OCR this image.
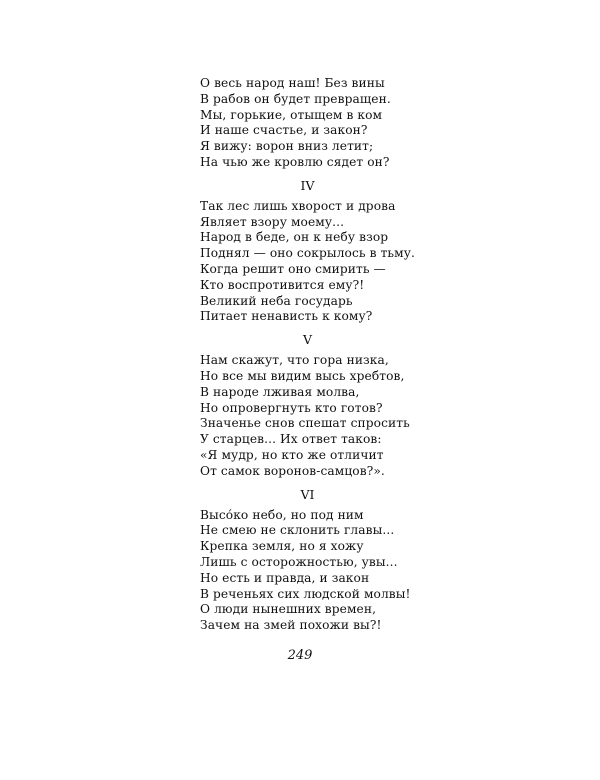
О весь народ наш! Без вины
В рабов он будет превращен.
Мы, горькие, отыщем в ком
И наше счастье, и закон?
Я вижу: ворон вниз летит;
На чью же кровлю сядет он?
IV
Так лес лишь хворост и дрова
Являет взору моему...
Народ в беде, он к небу взор
Поднял — оно сокрылось в тьму.
Когда решит оно смирить —
Кто воспротивится ему?!
Великий неба государь
Питает ненависть к кому?
V
Нам скажут, что гора низка,
Но все мы видим высь хребтов,
В народе лживая молва,
Но опровергнуть кто готов?
Значенье снов спешат спросить
У старцев... Их ответ таков:
«Я мудр, но кто же отличит
От самок воронов-самцов?».
VI
Высо́ко небо, но под ним
Не смею не склонить главы...
Крепка земля, но я хожу
Лишь с осторожностью, увы...
Но есть и правда, и закон
В реченьях сих людской молвы!
О люди нынешних времен,
Зачем на змей похожи вы?!
249
